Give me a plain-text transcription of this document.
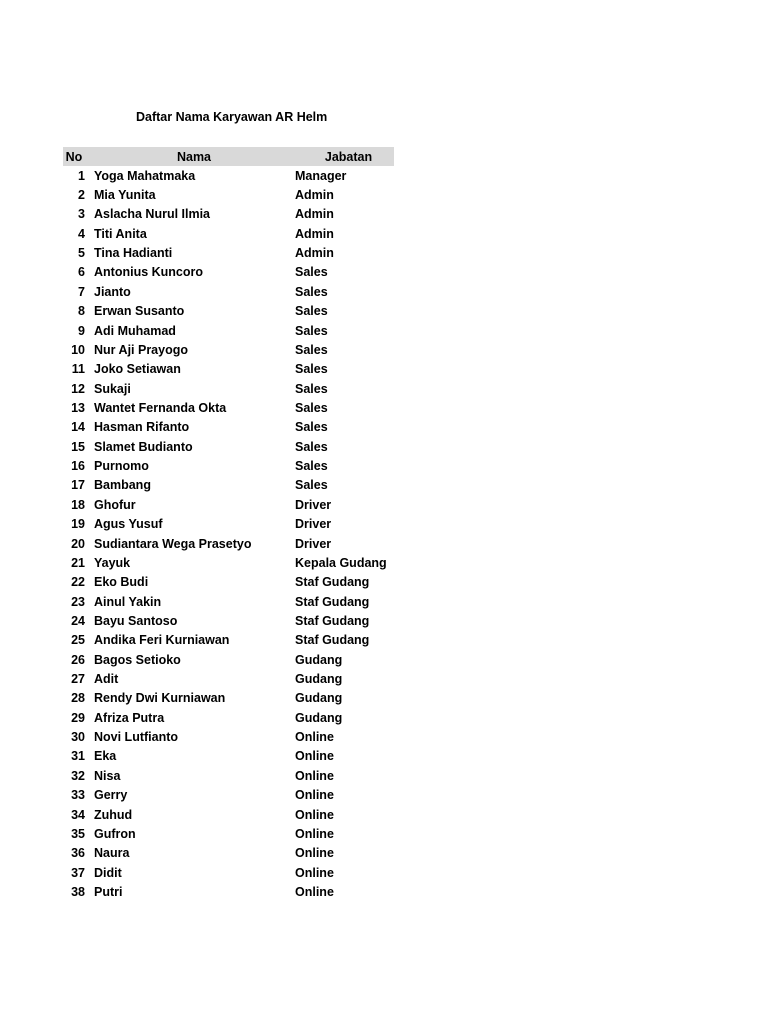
Daftar Nama Karyawan AR Helm
No	Nama	Jabatan
1 Yoga Mahatmaka	Manager
2 Mia Yunita	Admin
3 Aslacha Nurul Ilmia	Admin
4 Titi Anita	Admin
5 Tina Hadianti	Admin
6 Antonius Kuncoro	Sales
7 Jianto	Sales
8 Erwan Susanto	Sales
9 Adi Muhamad	Sales
10 Nur Aji Prayogo	Sales
11 Joko Setiawan	Sales
12 Sukaji	Sales
13 Wantet Fernanda Okta	Sales
14 Hasman Rifanto	Sales
15 Slamet Budianto	Sales
16 Purnomo	Sales
17 Bambang	Sales
18 Ghofur	Driver
19 Agus Yusuf	Driver
20 Sudiantara Wega Prasetyo	Driver
21 Yayuk	Kepala Gudang
22 Eko Budi	Staf Gudang
23 Ainul Yakin	Staf Gudang
24 Bayu Santoso	Staf Gudang
25 Andika Feri Kurniawan	Staf Gudang
26 Bagos Setioko	Gudang
27 Adit	Gudang
28 Rendy Dwi Kurniawan	Gudang
29 Afriza Putra	Gudang
30 Novi Lutfianto	Online
31 Eka	Online
32 Nisa	Online
33 Gerry	Online
34 Zuhud	Online
35 Gufron	Online
36 Naura	Online
37 Didit	Online
38 Putri	Online
